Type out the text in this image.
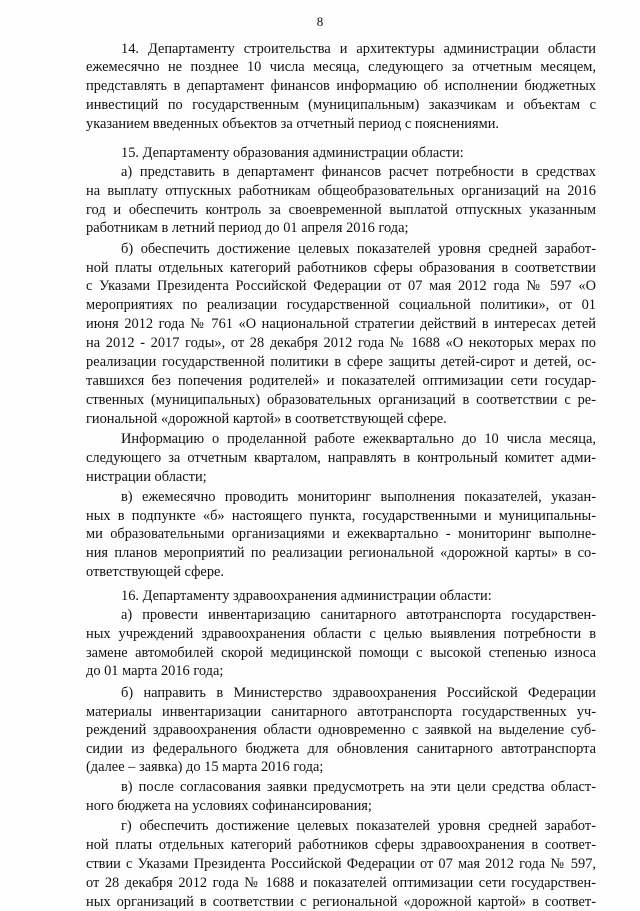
8
14. Департаменту строительства и архитектуры администрации области
ежемесячно не позднее 10 числа месяца, следующего за отчетным месяцем,
представлять в департамент финансов информацию об исполнении бюджетных
инвестиций по государственным (муниципальным) заказчикам и объектам с
указанием введенных объектов за отчетный период с пояснениями.
15. Департаменту образования администрации области:
а) представить в департамент финансов расчет потребности в средствах
на выплату отпускных работникам общеобразовательных организаций на 2016
год и обеспечить контроль за своевременной выплатой отпускных указанным
работникам в летний период до 01 апреля 2016 года;
б) обеспечить достижение целевых показателей уровня средней заработ-
ной платы отдельных категорий работников сферы образования в соответствии
с Указами Президента Российской Федерации от 07 мая 2012 года № 597 «О
мероприятиях по реализации государственной социальной политики», от 01
июня 2012 года № 761 «О национальной стратегии действий в интересах детей
на 2012 - 2017 годы», от 28 декабря 2012 года № 1688 «О некоторых мерах по
реализации государственной политики в сфере защиты детей-сирот и детей, ос-
тавшихся без попечения родителей» и показателей оптимизации сети государ-
ственных (муниципальных) образовательных организаций в соответствии с ре-
гиональной «дорожной картой» в соответствующей сфере.
Информацию о проделанной работе ежеквартально до 10 числа месяца,
следующего за отчетным кварталом, направлять в контрольный комитет адми-
нистрации области;
в) ежемесячно проводить мониторинг выполнения показателей, указан-
ных в подпункте «б» настоящего пункта, государственными и муниципальны-
ми образовательными организациями и ежеквартально - мониторинг выполне-
ния планов мероприятий по реализации региональной «дорожной карты» в со-
ответствующей сфере.
16. Департаменту здравоохранения администрации области:
а) провести инвентаризацию санитарного автотранспорта государствен-
ных учреждений здравоохранения области с целью выявления потребности в
замене автомобилей скорой медицинской помощи с высокой степенью износа
до 01 марта 2016 года;
б) направить в Министерство здравоохранения Российской Федерации
материалы инвентаризации санитарного автотранспорта государственных уч-
реждений здравоохранения области одновременно с заявкой на выделение суб-
сидии из федерального бюджета для обновления санитарного автотранспорта
(далее – заявка) до 15 марта 2016 года;
в) после согласования заявки предусмотреть на эти цели средства област-
ного бюджета на условиях софинансирования;
г) обеспечить достижение целевых показателей уровня средней заработ-
ной платы отдельных категорий работников сферы здравоохранения в соответ-
ствии с Указами Президента Российской Федерации от 07 мая 2012 года № 597,
от 28 декабря 2012 года № 1688 и показателей оптимизации сети государствен-
ных организаций в соответствии с региональной «дорожной картой» в соответ-
